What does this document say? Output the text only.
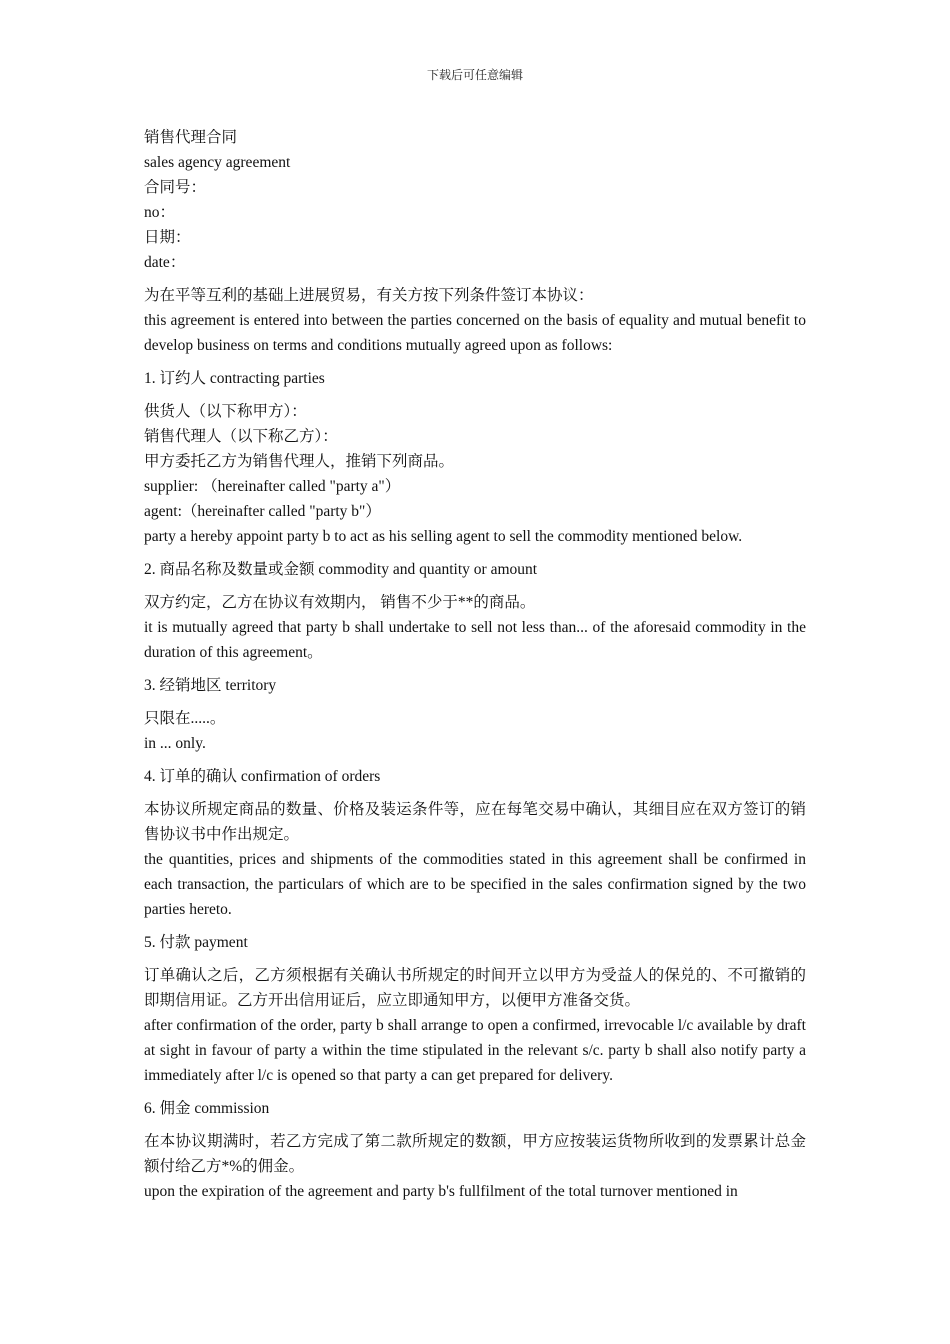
下载后可任意编辑
销售代理合同
sales agency agreement
合同号：
no：
日期：
date：
为在平等互利的基础上进展贸易，有关方按下列条件签订本协议：
this agreement is entered into between the parties concerned on the basis of equality and mutual benefit to develop business on terms and conditions mutually agreed upon as follows:
1. 订约人 contracting parties
供货人（以下称甲方）：
销售代理人（以下称乙方）：
甲方委托乙方为销售代理人，推销下列商品。
supplier: （hereinafter called "party a"）
agent:（hereinafter called "party b"）
party a hereby appoint party b to act as his selling agent to sell the commodity mentioned below.
2. 商品名称及数量或金额 commodity and quantity or amount
双方约定，乙方在协议有效期内， 销售不少于**的商品。
it is mutually agreed that party b shall undertake to sell not less than... of the aforesaid commodity in the duration of this agreement。
3. 经销地区 territory
只限在.....。
in ... only.
4. 订单的确认 confirmation of orders
本协议所规定商品的数量、价格及装运条件等，应在每笔交易中确认，其细目应在双方签订的销售协议书中作出规定。
the quantities, prices and shipments of the commodities stated in this agreement shall be confirmed in each transaction, the particulars of which are to be specified in the sales confirmation signed by the two parties hereto.
5. 付款 payment
订单确认之后，乙方须根据有关确认书所规定的时间开立以甲方为受益人的保兑的、不可撤销的即期信用证。乙方开出信用证后，应立即通知甲方，以便甲方准备交货。
after confirmation of the order, party b shall arrange to open a confirmed, irrevocable l/c available by draft at sight in favour of party a within the time stipulated in the relevant s/c. party b shall also notify party a immediately after l/c is opened so that party a can get prepared for delivery.
6. 佣金 commission
在本协议期满时，若乙方完成了第二款所规定的数额，甲方应按装运货物所收到的发票累计总金额付给乙方*%的佣金。
upon the expiration of the agreement and party b's fullfilment of the total turnover mentioned in
